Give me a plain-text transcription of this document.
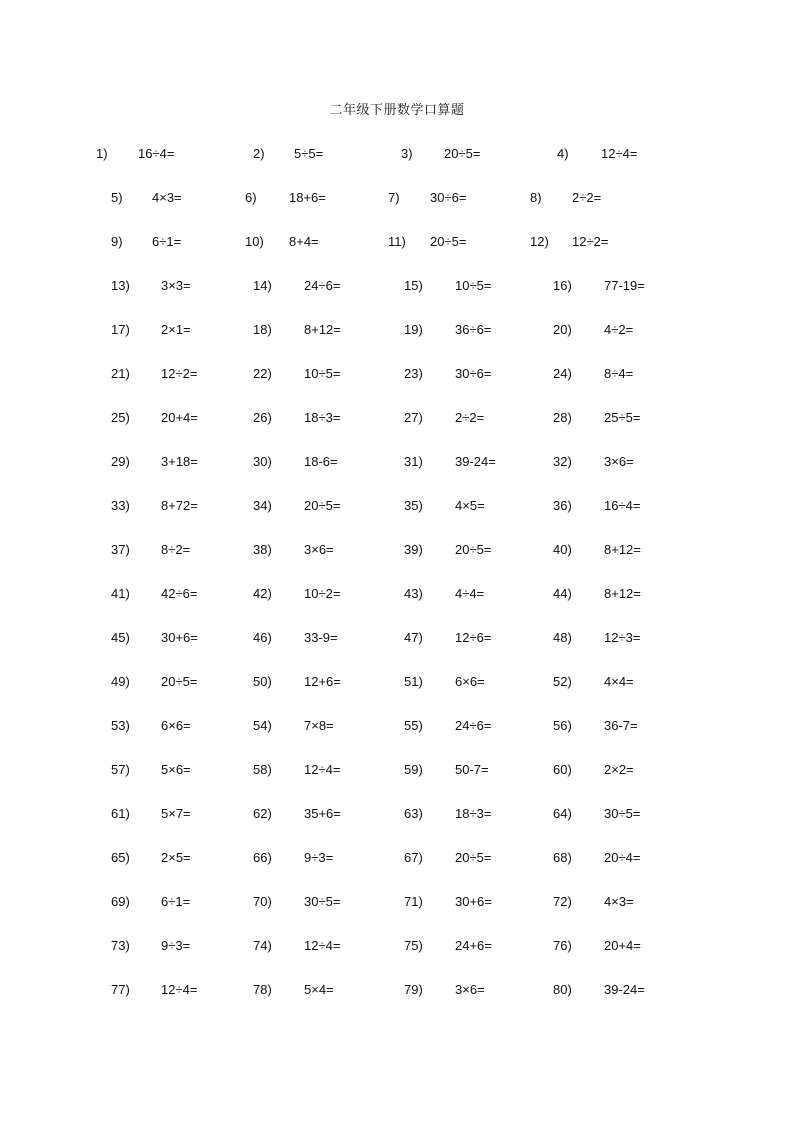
二年级下册数学口算题
1) 16÷4=	2) 5÷5=	3) 20÷5=	4) 12÷4=
5) 4×3=	6) 18+6=	7) 30÷6=	8) 2÷2=
9) 6÷1=	10) 8+4=	11) 20÷5=	12) 12÷2=
13) 3×3=	14) 24÷6=	15) 10÷5=	16) 77-19=
17) 2×1=	18) 8+12=	19) 36÷6=	20) 4÷2=
21) 12÷2=	22) 10÷5=	23) 30÷6=	24) 8÷4=
25) 20+4=	26) 18÷3=	27) 2÷2=	28) 25÷5=
29) 3+18=	30) 18-6=	31) 39-24=	32) 3×6=
33) 8+72=	34) 20÷5=	35) 4×5=	36) 16÷4=
37) 8÷2=	38) 3×6=	39) 20÷5=	40) 8+12=
41) 42÷6=	42) 10÷2=	43) 4÷4=	44) 8+12=
45) 30+6=	46) 33-9=	47) 12÷6=	48) 12÷3=
49) 20÷5=	50) 12+6=	51) 6×6=	52) 4×4=
53) 6×6=	54) 7×8=	55) 24÷6=	56) 36-7=
57) 5×6=	58) 12÷4=	59) 50-7=	60) 2×2=
61) 5×7=	62) 35+6=	63) 18÷3=	64) 30÷5=
65) 2×5=	66) 9÷3=	67) 20÷5=	68) 20÷4=
69) 6÷1=	70) 30÷5=	71) 30+6=	72) 4×3=
73) 9÷3=	74) 12÷4=	75) 24+6=	76) 20+4=
77) 12÷4=	78) 5×4=	79) 3×6=	80) 39-24=
